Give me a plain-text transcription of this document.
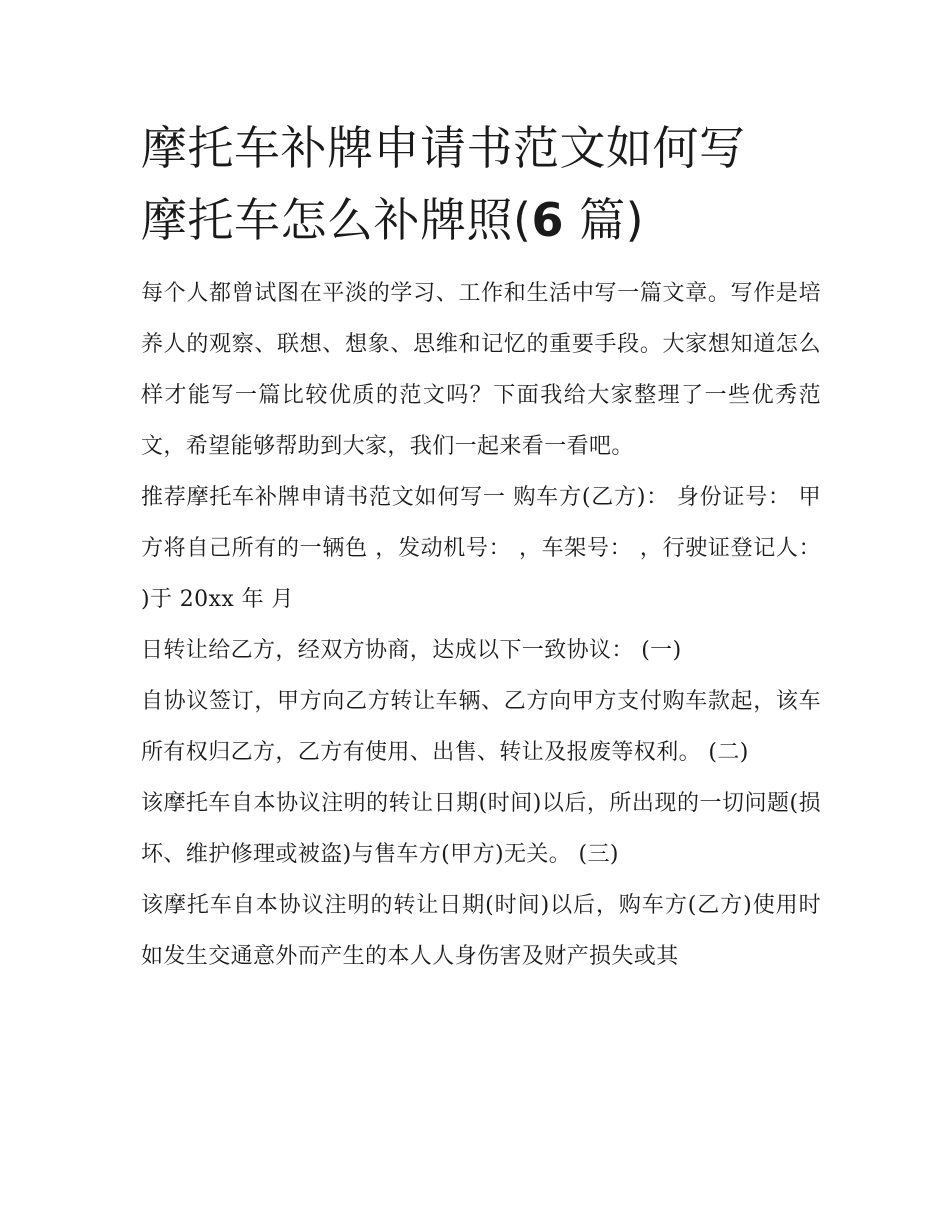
摩托车补牌申请书范文如何写
摩托车怎么补牌照(6 篇)

每个人都曾试图在平淡的学习、工作和生活中写一篇文章。写作是培养人的观察、联想、想象、思维和记忆的重要手段。大家想知道怎么样才能写一篇比较优质的范文吗？下面我给大家整理了一些优秀范文，希望能够帮助到大家，我们一起来看一看吧。

推荐摩托车补牌申请书范文如何写一 购车方(乙方)： 身份证号： 甲方将自己所有的一辆色 ，发动机号： ，车架号： ，行驶证登记人： )于 20xx 年 月

日转让给乙方，经双方协商，达成以下一致协议： (一)

自协议签订，甲方向乙方转让车辆、乙方向甲方支付购车款起，该车所有权归乙方，乙方有使用、出售、转让及报废等权利。 (二)

该摩托车自本协议注明的转让日期(时间)以后，所出现的一切问题(损坏、维护修理或被盗)与售车方(甲方)无关。 (三)

该摩托车自本协议注明的转让日期(时间)以后，购车方(乙方)使用时如发生交通意外而产生的本人人身伤害及财产损失或其
